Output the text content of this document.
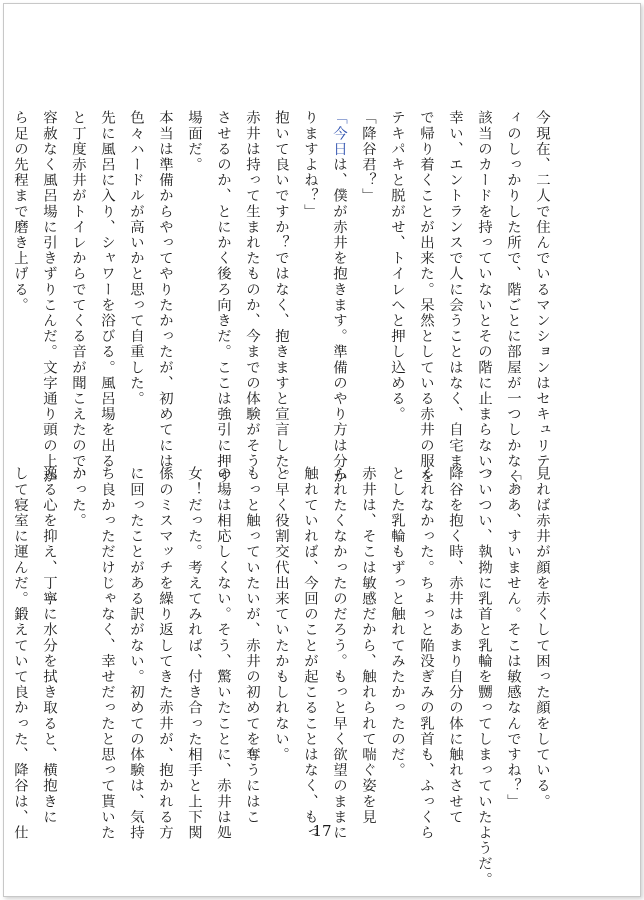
今現在、二人で住んでいるマンションはセキュリテ

ィのしっかりした所で、階ごとに部屋が一つしかなく、

該当のカードを持っていないとその階に止まらない。

幸い、エントランスで人に会うことはなく、自宅ま

で帰り着くことが出来た。呆然としている赤井の服を

テキパキと脱がせ、トイレへと押し込める。

「降谷君？」

「今日は、僕が赤井を抱きます。準備のやり方は分か

りますよね？」

抱いて良いですか？ではなく、抱きますと宣言した。

赤井は持って生まれたものか、今までの体験がそう

させるのか、とにかく後ろ向きだ。ここは強引に押す

場面だ。

本当は準備からやってやりたかったが、初めてには

色々ハードルが高いかと思って自重した。

先に風呂に入り、シャワーを浴びる。風呂場を出る

と丁度赤井がトイレからでてくる音が聞こえたので、

容赦なく風呂場に引きずりこんだ。文字通り頭の上か

ら足の先程まで磨き上げる。

見れば赤井が顔を赤くして困った顔をしている。

「ああ、すいません。そこは敏感なんですね？」

ついつい、執拗に乳首と乳輪を嬲ってしまっていたようだ。

降谷を抱く時、赤井はあまり自分の体に触れさせて

くれなかった。ちょっと陥没ぎみの乳首も、ふっくら

とした乳輪もずっと触れてみたかったのだ。

赤井は、そこは敏感だから、触れられて喘ぐ姿を見

られたくなかったのだろう。もっと早く欲望のままに

触れていれば、今回のことが起こることはなく、もっ

と早く役割交代出来ていたかもしれない。

もっと触っていたいが、赤井の初めてを奪うにはこ

の場は相応しくない。そう、驚いたことに、赤井は処

女！だった。考えてみれば、付き合った相手と上下関

係のミスマッチを繰り返してきた赤井が、抱かれる方

に回ったことがある訳がない。初めての体験は、気持

ち良かっただけじゃなく、幸せだったと思って貰いた

かった。

逸る心を抑え、丁寧に水分を拭き取ると、横抱きに

して寝室に運んだ。鍛えていて良かった、降谷は、仕	17
